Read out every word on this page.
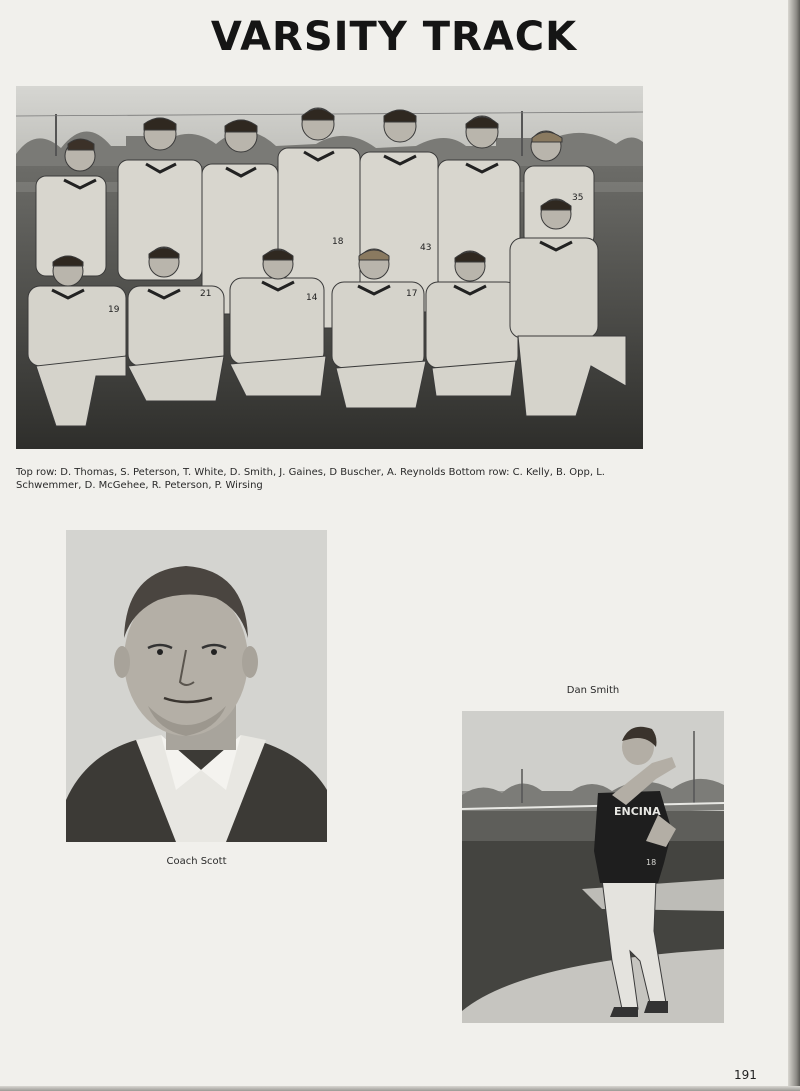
VARSITY TRACK
18
43
35
19
21	14	17
Top row: D. Thomas, S. Peterson, T. White, D. Smith, J. Gaines, D Buscher, A. Reynolds Bottom row: C. Kelly, B. Opp, L. Schwemmer, D. McGehee, R. Peterson, P. Wirsing
Coach Scott
Dan Smith
ENCINA
18
191
